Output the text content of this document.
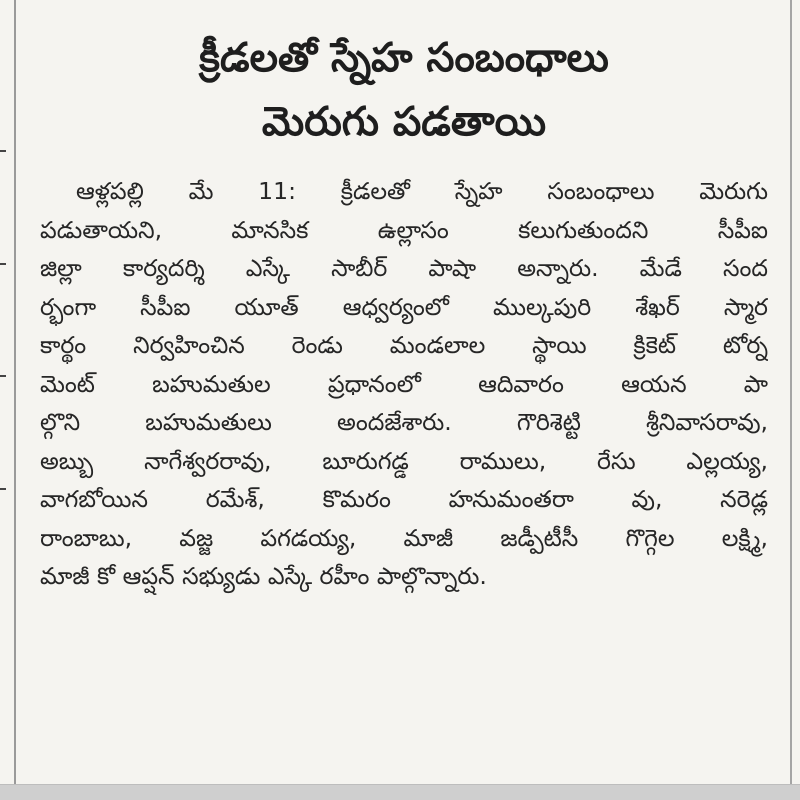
క్రీడలతో స్నేహ సంబంధాలు
మెరుగు పడతాయి
ఆళ్లపల్లి మే 11: క్రీడలతో స్నేహ సంబంధాలు మెరుగు
పడుతాయని, మానసిక ఉల్లాసం కలుగుతుందని సీపీఐ
జిల్లా కార్యదర్శి ఎస్కే సాబీర్ పాషా అన్నారు. మేడే సంద
ర్భంగా సీపీఐ యూత్ ఆధ్వర్యంలో ముల్కపురి శేఖర్ స్మార
కార్థం నిర్వహించిన రెండు మండలాల స్థాయి క్రికెట్ టోర్న
మెంట్ బహుమతుల ప్రధానంలో ఆదివారం ఆయన పా
ల్గొని బహుమతులు అందజేశారు. గౌరిశెట్టి శ్రీనివాసరావు,
అబ్బు నాగేశ్వరరావు, బూరుగడ్డ రాములు, రేసు ఎల్లయ్య,
వాగబోయిన రమేశ్, కొమరం హనుమంతరా వు, నరెడ్ల
రాంబాబు, వజ్జ పగడయ్య, మాజీ జడ్పీటీసీ గొగ్గెల లక్ష్మి,
మాజీ కో ఆప్షన్ సభ్యుడు ఎస్కే రహీం పాల్గొన్నారు.
